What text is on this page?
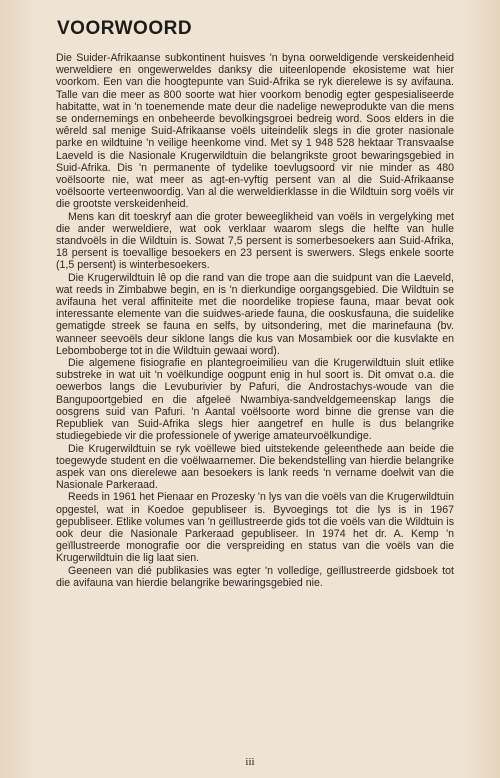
VOORWOORD

Die Suider-Afrikaanse subkontinent huisves 'n byna oorweldigende verskeidenheid werweldiere en ongewerweldes danksy die uiteenlopende ekosisteme wat hier voorkom. Een van die hoogtepunte van Suid-Afrika se ryk dierelewe is sy avifauna. Talle van die meer as 800 soorte wat hier voorkom benodig egter gespesialiseerde habitatte, wat in 'n toenemende mate deur die nadelige neweprodukte van die mens se ondernemings en onbeheerde bevolkingsgroei bedreig word. Soos elders in die wêreld sal menige Suid-Afrikaanse voëls uiteindelik slegs in die groter nasionale parke en wildtuine 'n veilige heenkome vind. Met sy 1 948 528 hektaar Transvaalse Laeveld is die Nasionale Krugerwildtuin die belangrikste groot bewaringsgebied in Suid-Afrika. Dis 'n permanente of tydelike toevlugsoord vir nie minder as 480 voëlsoorte nie, wat meer as agt-en-vyftig persent van al die Suid-Afrikaanse voëlsoorte verteenwoordig. Van al die werweldierklasse in die Wildtuin sorg voëls vir die grootste verskeidenheid.

Mens kan dit toeskryf aan die groter beweeglikheid van voëls in vergelyking met die ander werweldiere, wat ook verklaar waarom slegs die helfte van hulle standvoëls in die Wildtuin is. Sowat 7,5 persent is somerbesoekers aan Suid-Afrika, 18 persent is toevallige besoekers en 23 persent is swerwers. Slegs enkele soorte (1,5 persent) is winterbesoekers.

Die Krugerwildtuin lê op die rand van die trope aan die suidpunt van die Laeveld, wat reeds in Zimbabwe begin, en is 'n dierkundige oorgangsgebied. Die Wildtuin se avifauna het veral affiniteite met die noordelike tropiese fauna, maar bevat ook interessante elemente van die suidwes-ariede fauna, die ooskusfauna, die suidelike gematigde streek se fauna en selfs, by uitsondering, met die marinefauna (bv. wanneer seevoëls deur siklone langs die kus van Mosambiek oor die kusvlakte en Lebomboberge tot in die Wildtuin gewaai word).

Die algemene fisiografie en plantegroeimilieu van die Krugerwildtuin sluit etlike substreke in wat uit 'n voëlkundige oogpunt enig in hul soort is. Dit omvat o.a. die oewerbos langs die Levuburivier by Pafuri, die Androstachys-woude van die Bangupoortgebied en die afgeleë Nwambiya-sandveldgemeenskap langs die oosgrens suid van Pafuri. 'n Aantal voëlsoorte word binne die grense van die Republiek van Suid-Afrika slegs hier aangetref en hulle is dus belangrike studiegebiede vir die professionele of ywerige amateurvoëlkundige.

Die Krugerwildtuin se ryk voëllewe bied uitstekende geleenthede aan beide die toegewyde student en die voëlwaarnemer. Die bekendstelling van hierdie belangrike aspek van ons dierelewe aan besoekers is lank reeds 'n vername doelwit van die Nasionale Parkeraad.

Reeds in 1961 het Pienaar en Prozesky 'n lys van die voëls van die Krugerwildtuin opgestel, wat in Koedoe gepubliseer is. Byvoegings tot die lys is in 1967 gepubliseer. Etlike volumes van 'n geïllustreerde gids tot die voëls van die Wildtuin is ook deur die Nasionale Parkeraad gepubliseer. In 1974 het dr. A. Kemp 'n geïllustreerde monografie oor die verspreiding en status van die voëls van die Krugerwildtuin die lig laat sien.

Geeneen van dié publikasies was egter 'n volledige, geïllustreerde gidsboek tot die avifauna van hierdie belangrike bewaringsgebied nie.

iii
